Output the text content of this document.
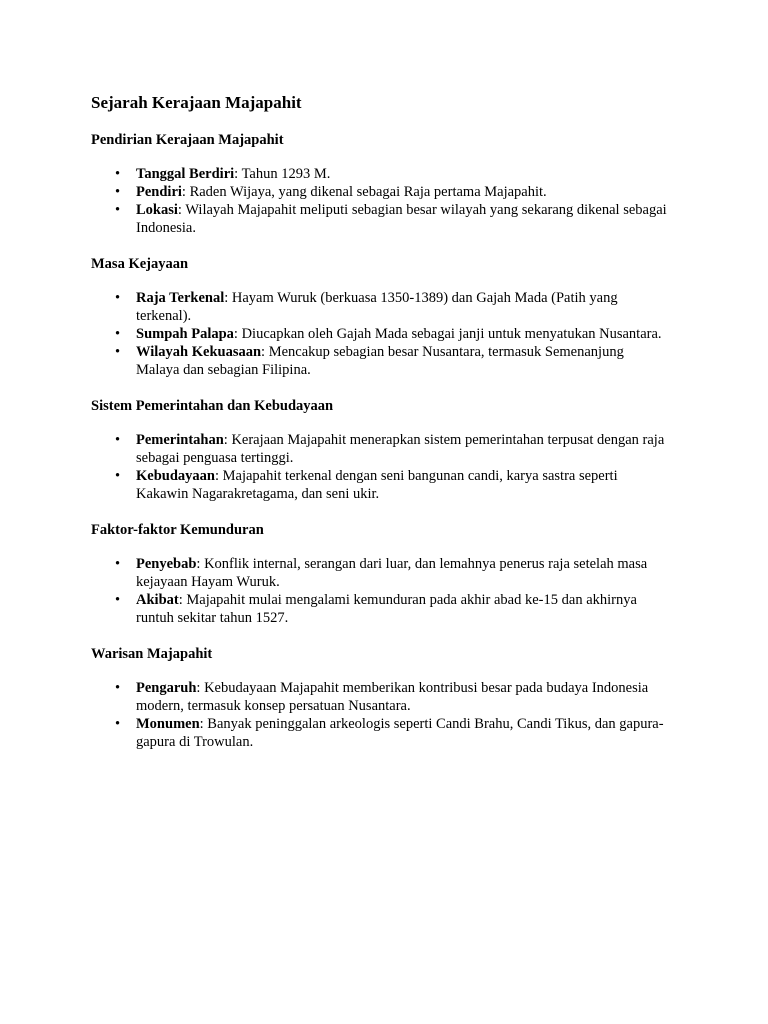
Sejarah Kerajaan Majapahit
Pendirian Kerajaan Majapahit
• Tanggal Berdiri: Tahun 1293 M.
• Pendiri: Raden Wijaya, yang dikenal sebagai Raja pertama Majapahit.
• Lokasi: Wilayah Majapahit meliputi sebagian besar wilayah yang sekarang dikenal sebagai Indonesia.
Masa Kejayaan
• Raja Terkenal: Hayam Wuruk (berkuasa 1350-1389) dan Gajah Mada (Patih yang terkenal).
• Sumpah Palapa: Diucapkan oleh Gajah Mada sebagai janji untuk menyatukan Nusantara.
• Wilayah Kekuasaan: Mencakup sebagian besar Nusantara, termasuk Semenanjung Malaya dan sebagian Filipina.
Sistem Pemerintahan dan Kebudayaan
• Pemerintahan: Kerajaan Majapahit menerapkan sistem pemerintahan terpusat dengan raja sebagai penguasa tertinggi.
• Kebudayaan: Majapahit terkenal dengan seni bangunan candi, karya sastra seperti Kakawin Nagarakretagama, dan seni ukir.
Faktor-faktor Kemunduran
• Penyebab: Konflik internal, serangan dari luar, dan lemahnya penerus raja setelah masa kejayaan Hayam Wuruk.
• Akibat: Majapahit mulai mengalami kemunduran pada akhir abad ke-15 dan akhirnya runtuh sekitar tahun 1527.
Warisan Majapahit
• Pengaruh: Kebudayaan Majapahit memberikan kontribusi besar pada budaya Indonesia modern, termasuk konsep persatuan Nusantara.
• Monumen: Banyak peninggalan arkeologis seperti Candi Brahu, Candi Tikus, dan gapura-gapura di Trowulan.
